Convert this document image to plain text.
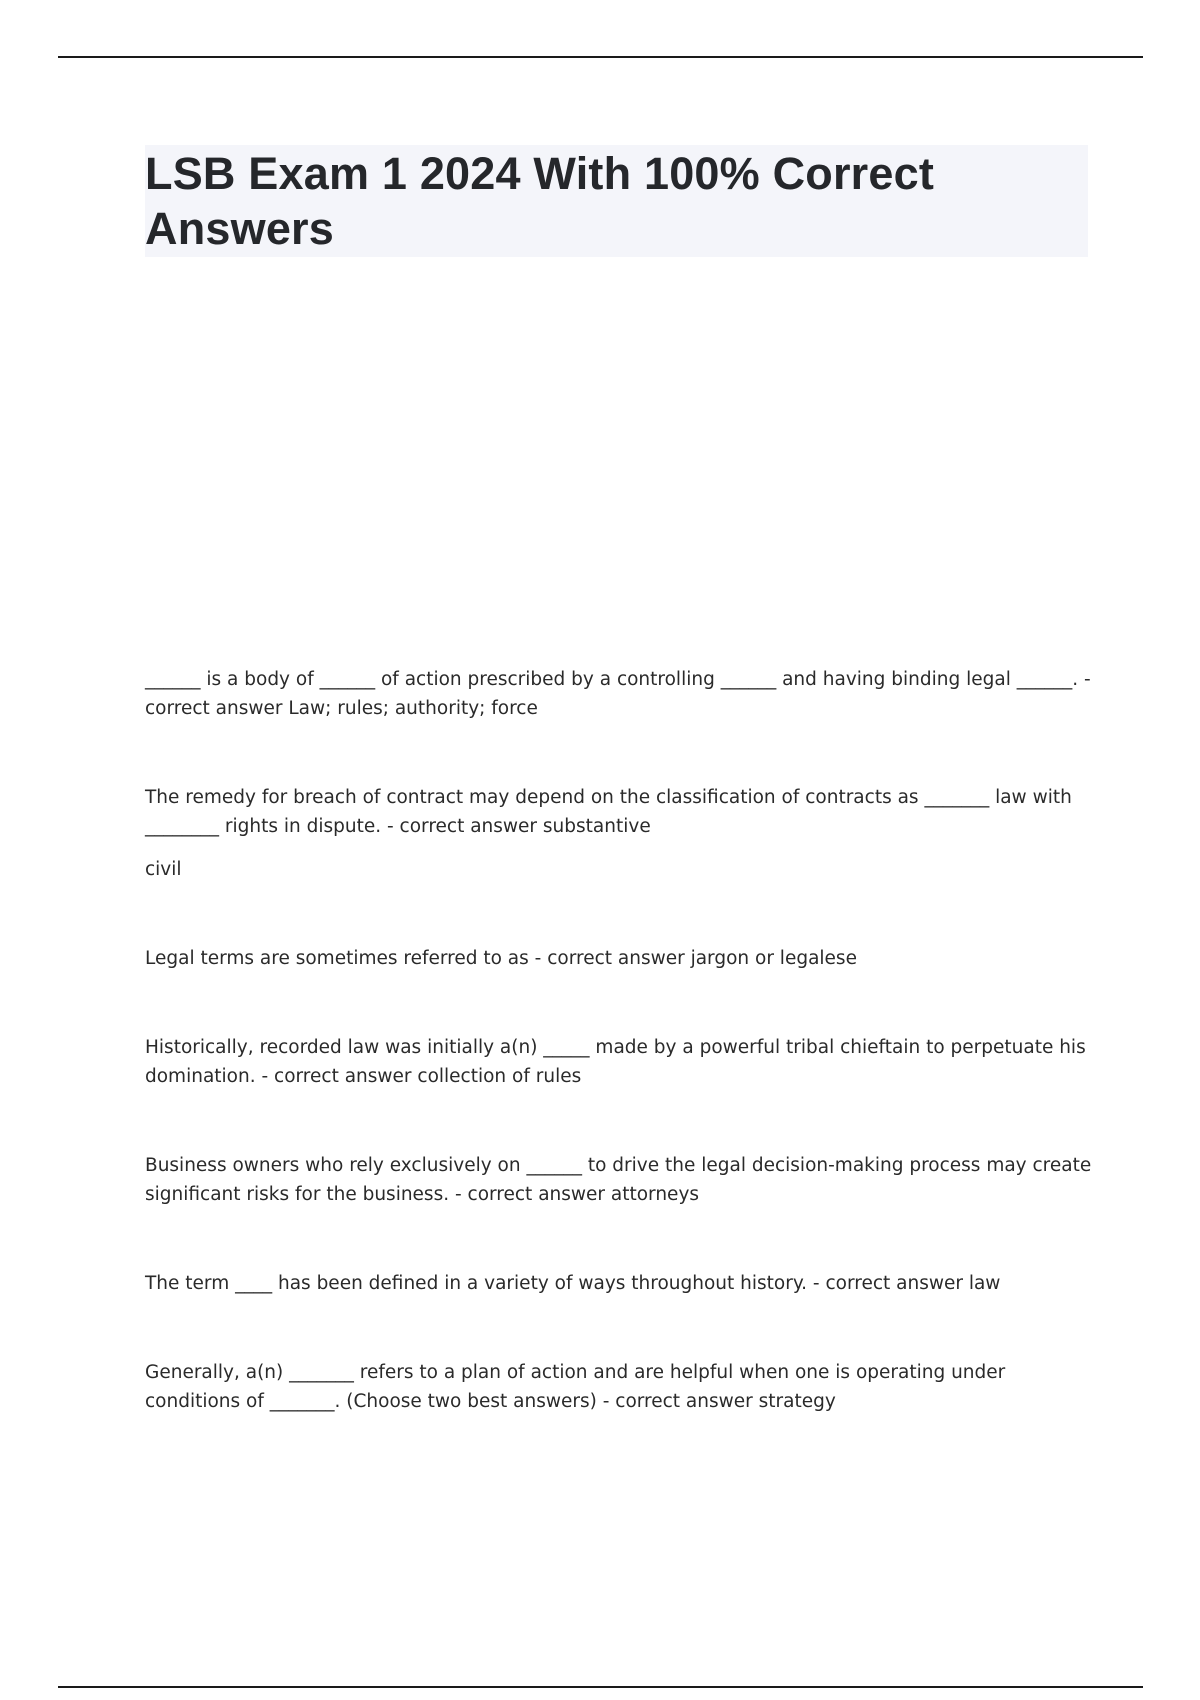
LSB Exam 1 2024 With 100% Correct Answers

______ is a body of ______ of action prescribed by a controlling ______ and having binding legal ______. - correct answer Law; rules; authority; force

The remedy for breach of contract may depend on the classification of contracts as _______ law with ________ rights in dispute. - correct answer substantive

civil

Legal terms are sometimes referred to as - correct answer jargon or legalese

Historically, recorded law was initially a(n) _____ made by a powerful tribal chieftain to perpetuate his domination. - correct answer collection of rules

Business owners who rely exclusively on ______ to drive the legal decision-making process may create significant risks for the business. - correct answer attorneys

The term ____ has been defined in a variety of ways throughout history. - correct answer law

Generally, a(n) _______ refers to a plan of action and are helpful when one is operating under conditions of _______. (Choose two best answers) - correct answer strategy
